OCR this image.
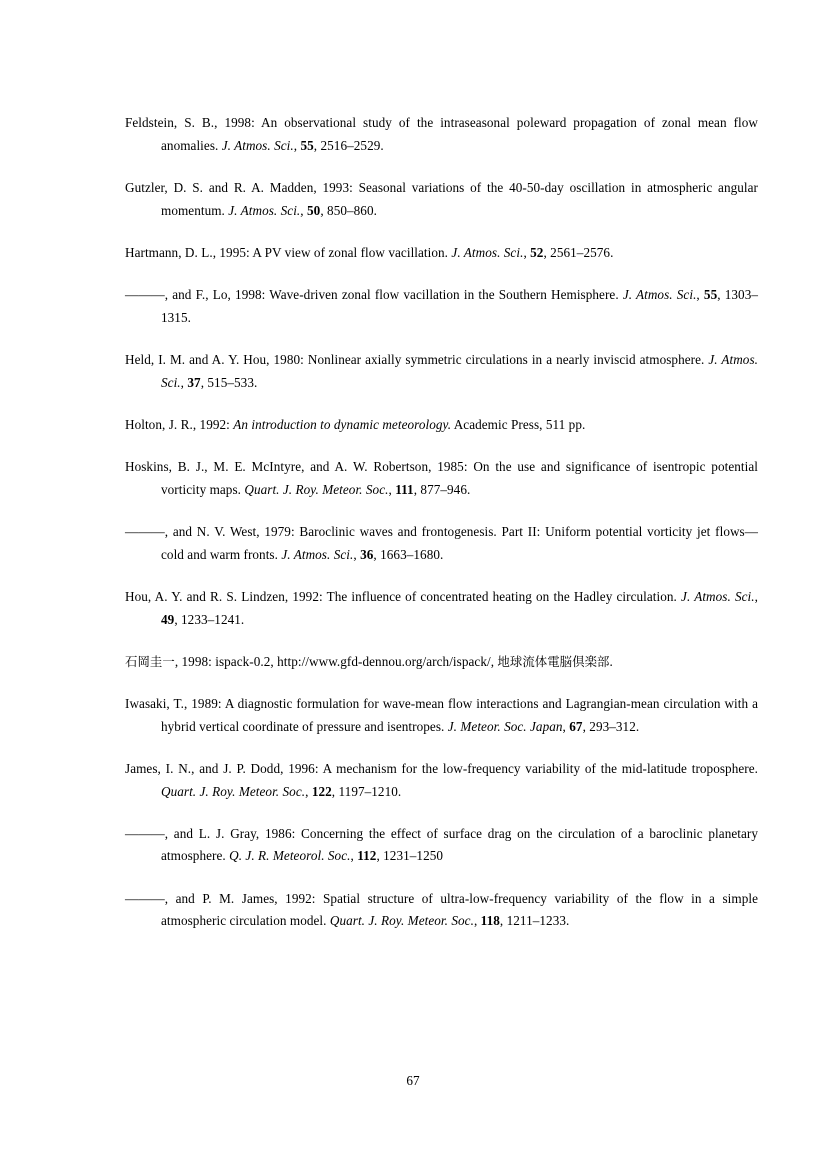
Feldstein, S. B., 1998: An observational study of the intraseasonal poleward propagation of zonal mean flow anomalies. J. Atmos. Sci., 55, 2516–2529.

Gutzler, D. S. and R. A. Madden, 1993: Seasonal variations of the 40-50-day oscillation in atmospheric angular momentum. J. Atmos. Sci., 50, 850–860.

Hartmann, D. L., 1995: A PV view of zonal flow vacillation. J. Atmos. Sci., 52, 2561–2576.

———, and F., Lo, 1998: Wave-driven zonal flow vacillation in the Southern Hemisphere. J. Atmos. Sci., 55, 1303–1315.

Held, I. M. and A. Y. Hou, 1980: Nonlinear axially symmetric circulations in a nearly inviscid atmosphere. J. Atmos. Sci., 37, 515–533.

Holton, J. R., 1992: An introduction to dynamic meteorology. Academic Press, 511 pp.

Hoskins, B. J., M. E. McIntyre, and A. W. Robertson, 1985: On the use and significance of isentropic potential vorticity maps. Quart. J. Roy. Meteor. Soc., 111, 877–946.

———, and N. V. West, 1979: Baroclinic waves and frontogenesis. Part II: Uniform potential vorticity jet flows—cold and warm fronts. J. Atmos. Sci., 36, 1663–1680.

Hou, A. Y. and R. S. Lindzen, 1992: The influence of concentrated heating on the Hadley circulation. J. Atmos. Sci., 49, 1233–1241.

石岡圭一, 1998: ispack-0.2, http://www.gfd-dennou.org/arch/ispack/, 地球流体電脳倶楽部.

Iwasaki, T., 1989: A diagnostic formulation for wave-mean flow interactions and Lagrangian-mean circulation with a hybrid vertical coordinate of pressure and isentropes. J. Meteor. Soc. Japan, 67, 293–312.

James, I. N., and J. P. Dodd, 1996: A mechanism for the low-frequency variability of the mid-latitude troposphere. Quart. J. Roy. Meteor. Soc., 122, 1197–1210.

———, and L. J. Gray, 1986: Concerning the effect of surface drag on the circulation of a baroclinic planetary atmosphere. Q. J. R. Meteorol. Soc., 112, 1231–1250

———, and P. M. James, 1992: Spatial structure of ultra-low-frequency variability of the flow in a simple atmospheric circulation model. Quart. J. Roy. Meteor. Soc., 118, 1211–1233.

67
